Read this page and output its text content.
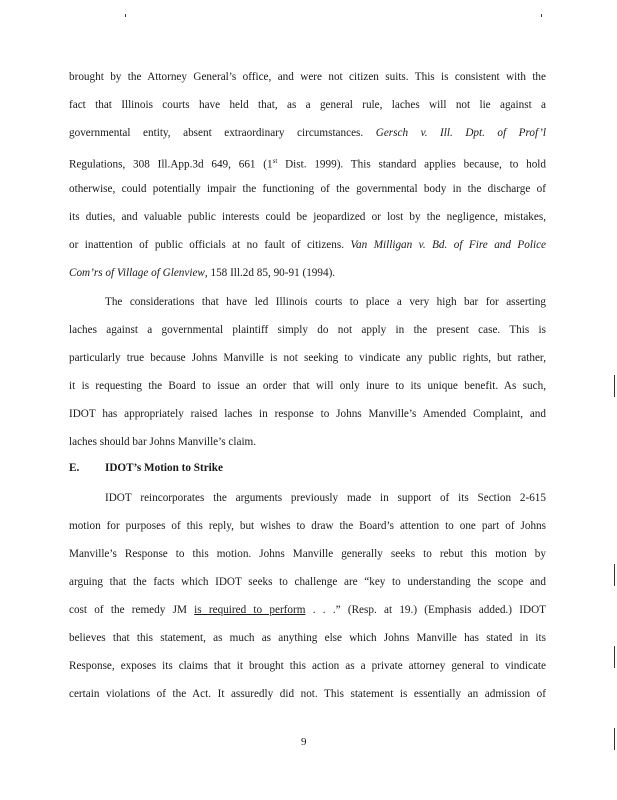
brought by the Attorney General’s office, and were not citizen suits. This is consistent with the
fact that Illinois courts have held that, as a general rule, laches will not lie against a
governmental entity, absent extraordinary circumstances. Gersch v. Ill. Dpt. of Prof’l
Regulations, 308 Ill.App.3d 649, 661 (1st Dist. 1999). This standard applies because, to hold
otherwise, could potentially impair the functioning of the governmental body in the discharge of
its duties, and valuable public interests could be jeopardized or lost by the negligence, mistakes,
or inattention of public officials at no fault of citizens. Van Milligan v. Bd. of Fire and Police
Com’rs of Village of Glenview, 158 Ill.2d 85, 90-91 (1994).
The considerations that have led Illinois courts to place a very high bar for asserting
laches against a governmental plaintiff simply do not apply in the present case. This is
particularly true because Johns Manville is not seeking to vindicate any public rights, but rather,
it is requesting the Board to issue an order that will only inure to its unique benefit. As such,
IDOT has appropriately raised laches in response to Johns Manville’s Amended Complaint, and
laches should bar Johns Manville’s claim.
E. IDOT’s Motion to Strike
IDOT reincorporates the arguments previously made in support of its Section 2-615
motion for purposes of this reply, but wishes to draw the Board’s attention to one part of Johns
Manville’s Response to this motion. Johns Manville generally seeks to rebut this motion by
arguing that the facts which IDOT seeks to challenge are “key to understanding the scope and
cost of the remedy JM is required to perform . . .” (Resp. at 19.) (Emphasis added.) IDOT
believes that this statement, as much as anything else which Johns Manville has stated in its
Response, exposes its claims that it brought this action as a private attorney general to vindicate
certain violations of the Act. It assuredly did not. This statement is essentially an admission of
9
